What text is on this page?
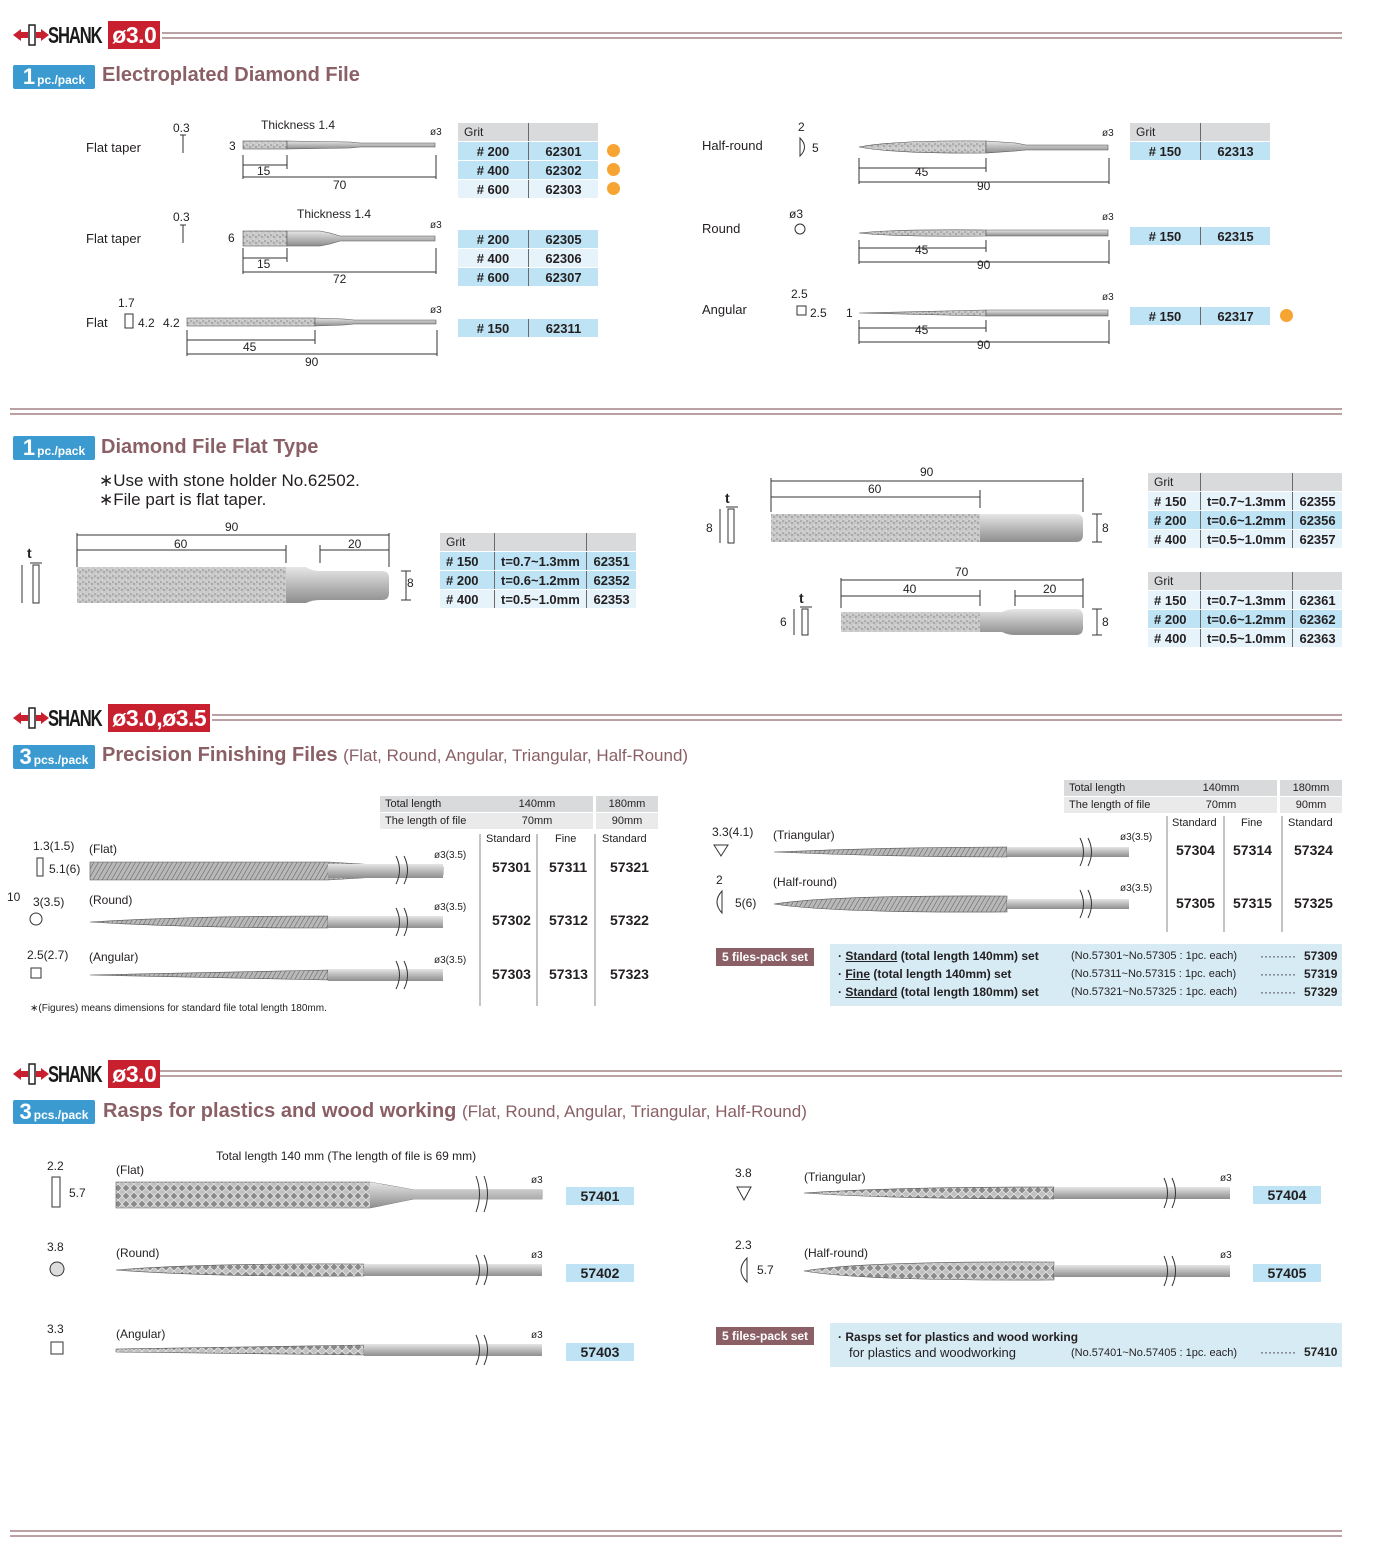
SHANK ø3.0
1 pc./pack Electroplated Diamond File
Flat taper
0.3	Thickness 1.4
3
ø3
15
70
Grit	
# 200	62301
# 400	62302
# 600	62303
Flat taper
0.3	Thickness 1.4
6
ø3
15
72
# 200	62305
# 400	62306
# 600	62307
Flat
1.7
4.2 4.2
ø3
45
90
# 150	62311
Half-round
2
5
ø3
45
90
Grit	
# 150	62313
Round
ø3	ø3
45
90
# 150	62315
Angular
2.5
2.5 1
ø3
45
90
# 150	62317
1 pc./pack Diamond File Flat Type
∗Use with stone holder No.62502.
∗File part is flat taper.
t
90
60	20
8
Grit		
# 150	t=0.7~1.3mm	62351
# 200	t=0.6~1.2mm	62352
# 400	t=0.5~1.0mm	62353
t
8
90
60
8
Grit		
# 150	t=0.7~1.3mm	62355
# 200	t=0.6~1.2mm	62356
# 400	t=0.5~1.0mm	62357
t
6
70
40	20
8
Grit		
# 150	t=0.7~1.3mm	62361
# 200	t=0.6~1.2mm	62362
# 400	t=0.5~1.0mm	62363
SHANK ø3.0,ø3.5
3 pcs./pack Precision Finishing Files (Flat, Round, Angular, Triangular, Half-Round)
Total length	140mm	180mm
The length of file	70mm	90mm
Standard Fine Standard
1.3(1.5)
5.1(6)
(Flat)	ø3(3.5)
57301 57311 57321
10 3(3.5) (Round)
ø3(3.5)
57302 57312 57322
2.5(2.7) (Angular)	ø3(3.5)
57303 57313 57323
∗(Figures) means dimensions for standard file total length 180mm.
Total length	140mm	180mm
The length of file	70mm	90mm
Standard Fine Standard
3.3(4.1) (Triangular)	ø3(3.5)
57304 57314 57324
2
5(6)
(Half-round)	ø3(3.5)
57305 57315 57325
5 files-pack set	· Standard (total length 140mm) set	(No.57301~No.57305 : 1pc. each) ········· 57309
· Fine (total length 140mm) set	(No.57311~No.57315 : 1pc. each) ········· 57319
· Standard (total length 180mm) set	(No.57321~No.57325 : 1pc. each) ········· 57329
SHANK ø3.0
3 pcs./pack Rasps for plastics and wood working (Flat, Round, Angular, Triangular, Half-Round)
Total length 140 mm (The length of file is 69 mm)
2.2
5.7
(Flat)
ø3
57401
3.8	(Round)	ø3
57402
3.3	(Angular)	ø3
57403
3.8	(Triangular)	ø3
57404
2.3
5.7
(Half-round)	ø3
57405
5 files-pack set	· Rasps set for plastics and wood working
for plastics and woodworking	(No.57401~No.57405 : 1pc. each) ········· 57410
